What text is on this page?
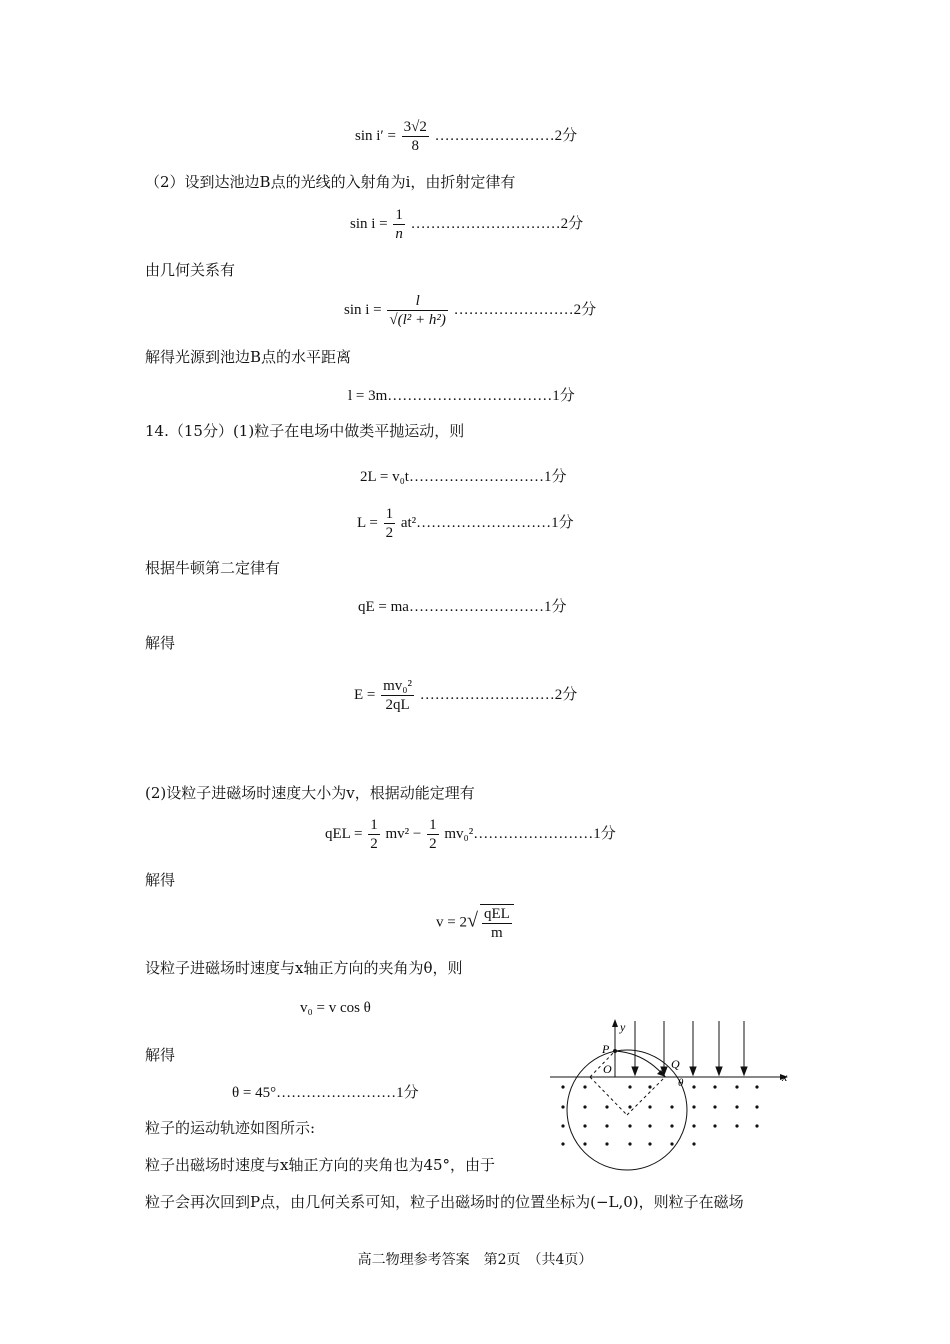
$\sin i' = \frac{3√2}{8}$ ……………………2分
（2）设到达池边B点的光线的入射角为i，由折射定律有
$\sin i = \frac{1}{n}$ …………………………2分
由几何关系有
$\sin i = \frac{l}{\text{√(l² + h²)}}$ ……………………2分
解得光源到池边B点的水平距离
l = 3m……………………………1分
14.（15分）(1)粒子在电场中做类平抛运动，则
2L = v₀t………………………1分
$L = \frac{1}{2}$ at²………………………1分
根据牛顿第二定律有
qE = ma………………………1分
解得
$E = \frac{\text{mv₀²}}{2qL}$ ………………………2分
(2)设粒子进磁场时速度大小为v，根据动能定理有
qEL = $\frac{1}{2} mv^2 - \frac{1}{2}$ mv₀²……………………1分
解得
$v = 2√ \frac{\text{qEL}}{m}$
设粒子进磁场时速度与x轴正方向的夹角为θ，则
v₀ = v cos θ
解得
θ = 45°……………………1分
粒子的运动轨迹如图所示:
粒子出磁场时速度与x轴正方向的夹角也为45°，由于
粒子会再次回到P点，由几何关系可知，粒子出磁场时的位置坐标为(−L,0)，则粒子在磁场
y
x
P
O	Q
θ
高二物理参考答案　第2页　（共4页）
